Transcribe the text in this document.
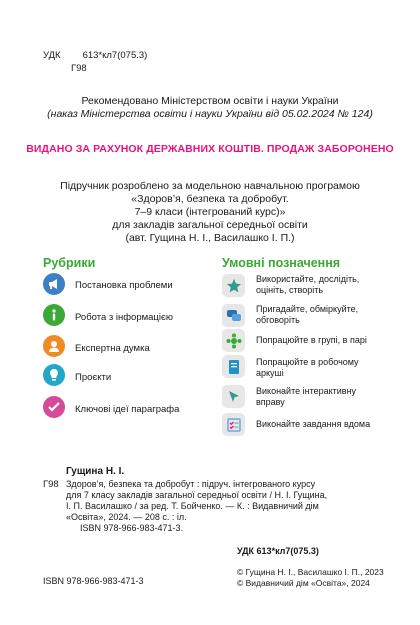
УДК 613*кл7(075.3)
Г98
Рекомендовано Міністерством освіти і науки України
(наказ Міністерства освіти і науки України від 05.02.2024 № 124)
ВИДАНО ЗА РАХУНОК ДЕРЖАВНИХ КОШТІВ. ПРОДАЖ ЗАБОРОНЕНО
Підручник розроблено за модельною навчальною програмою
«Здоров’я, безпека та добробут.
7–9 класи (інтегрований курс)»
для закладів загальної середньої освіти
(авт. Гущина Н. І., Василашко І. П.)
Рубрики
Постановка проблеми
Робота з інформацією
Експертна думка
Проєкти
Ключові ідеї параграфа
Умовні позначення
Використайте, дослідіть,
оцініть, створіть
Пригадайте, обміркуйте,
обговоріть
Попрацюйте в групі, в парі
Попрацюйте в робочому
аркуші
Виконайте інтерактивну
вправу
Виконайте завдання вдома
Гущина Н. І.
Г98 Здоров’я, безпека та добробут : підруч. інтегрованого курсу
для 7 класу закладів загальної середньої освіти / Н. І. Гущина,
І. П. Василашко / за ред. Т. Бойченко. — К. : Видавничий дім
«Освіта», 2024. — 208 с. : іл.
ISBN 978-966-983-471-3.
УДК 613*кл7(075.3)
ISBN 978-966-983-471-3
© Гущина Н. І., Василашко І. П., 2023
© Видавничий дім «Освіта», 2024
